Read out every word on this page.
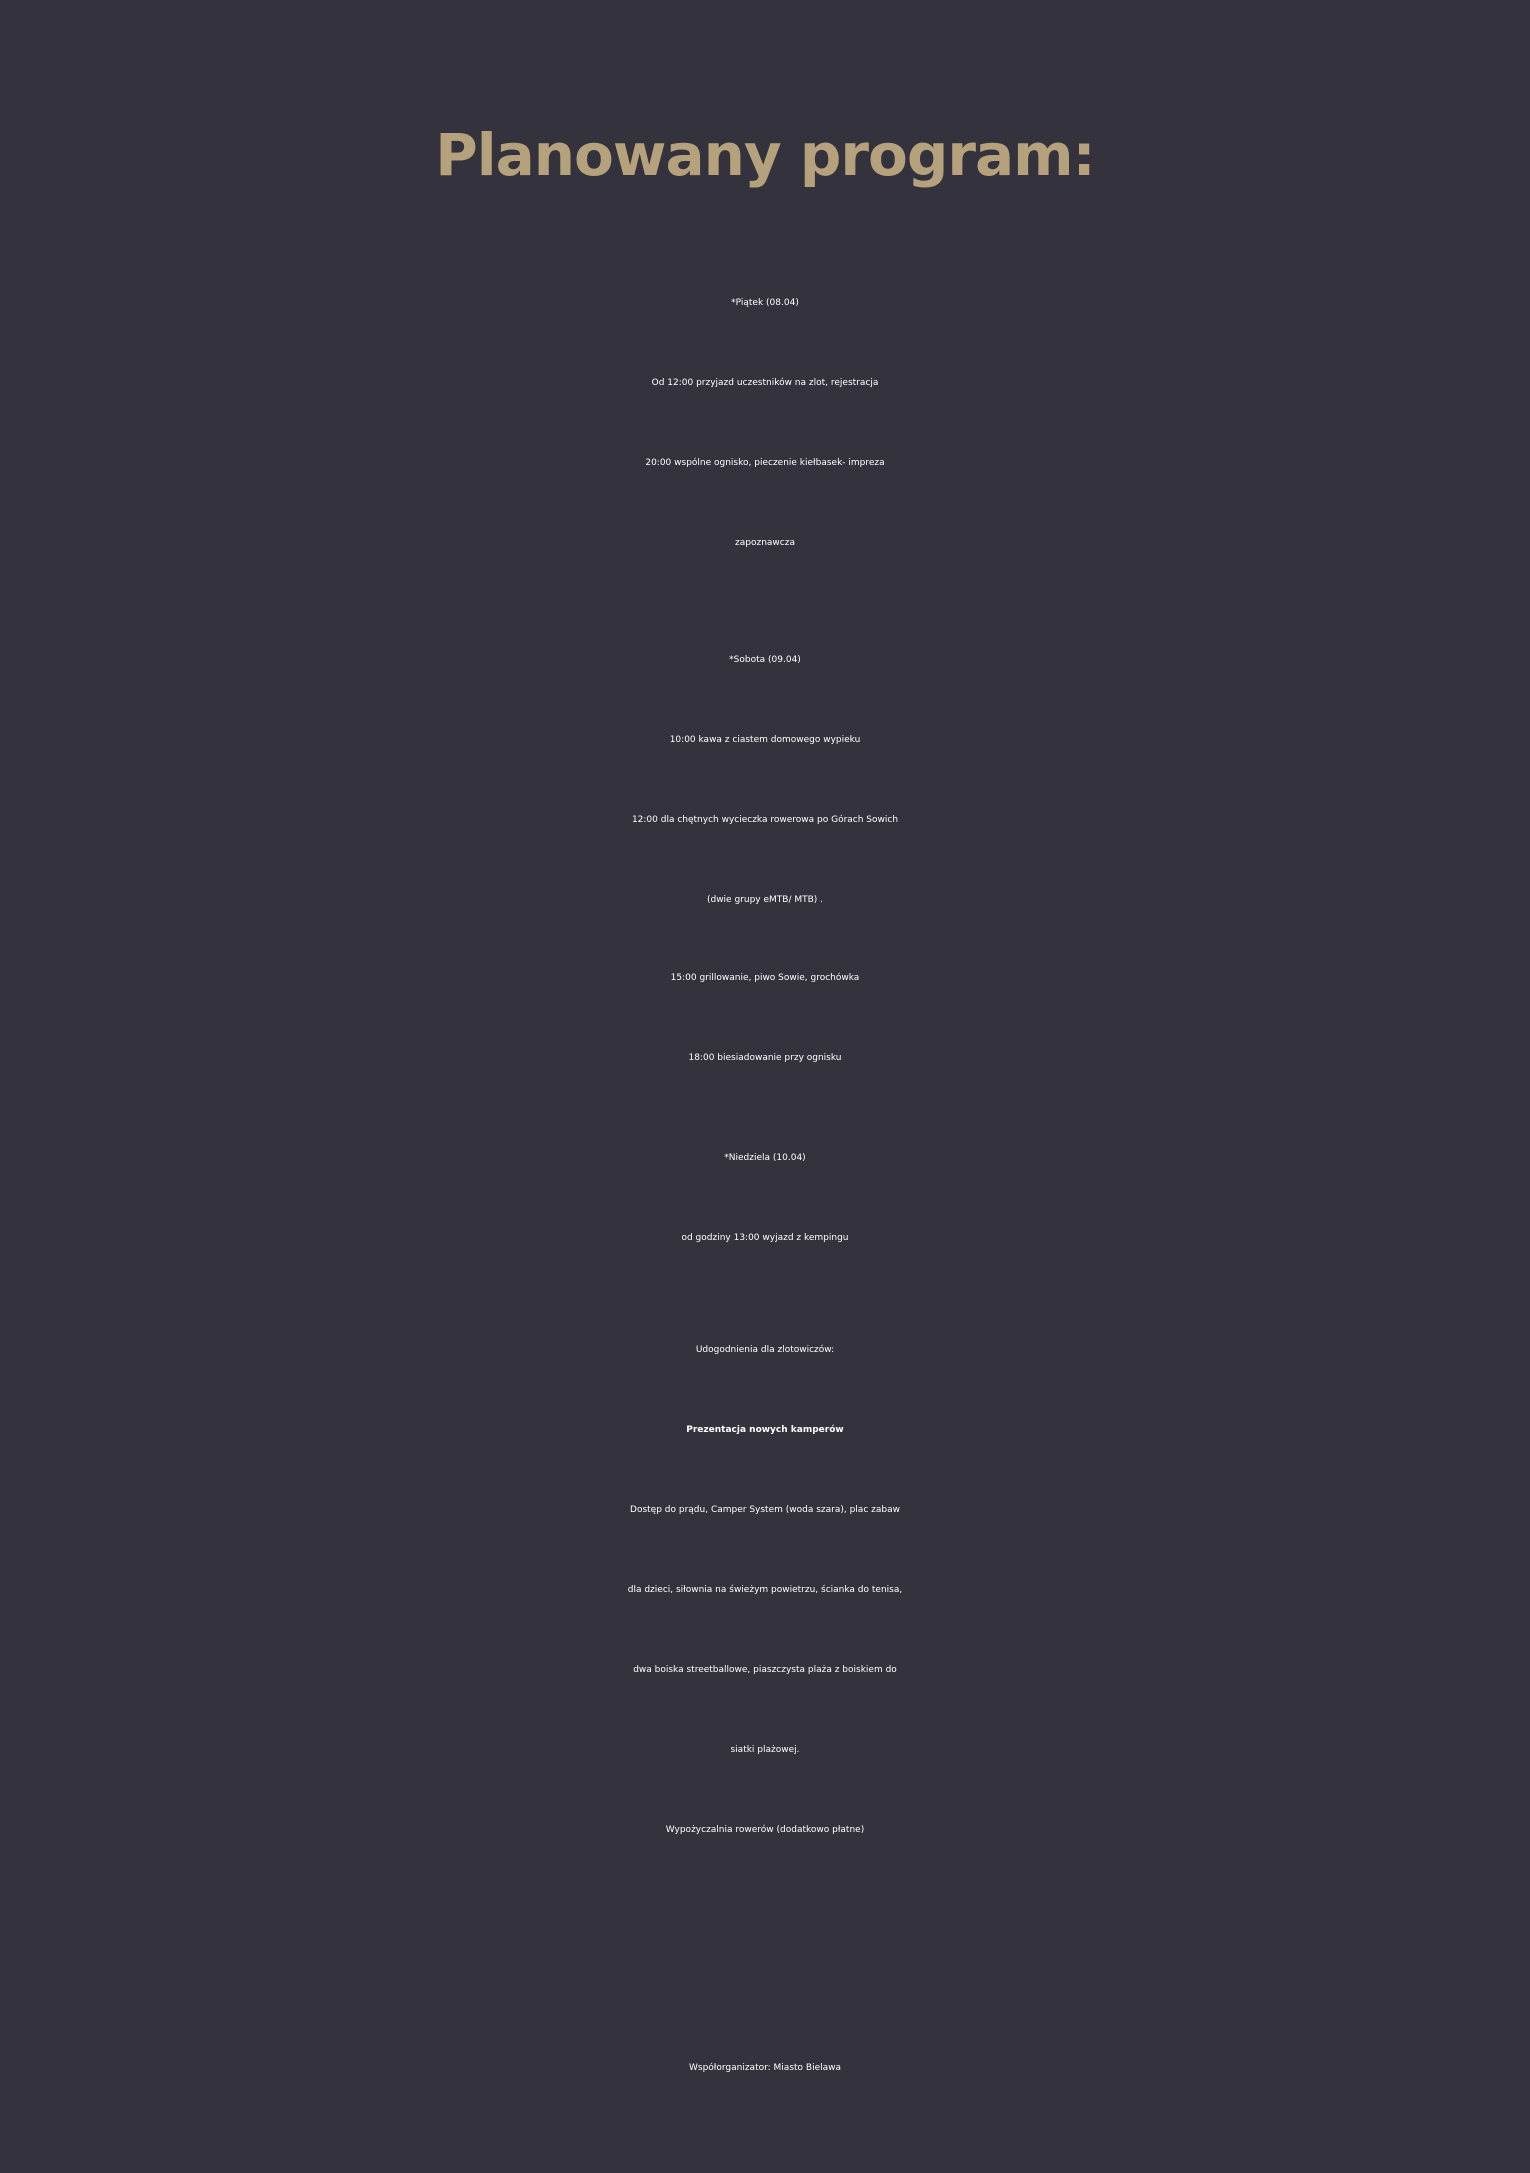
Planowany program:
*Piątek (08.04)
Od 12:00 przyjazd uczestników na zlot, rejestracja
20:00 wspólne ognisko, pieczenie kiełbasek- impreza
zapoznawcza
*Sobota (09.04)
10:00 kawa z ciastem domowego wypieku
12:00 dla chętnych wycieczka rowerowa po Górach Sowich
(dwie grupy eMTB/ MTB) .
15:00 grillowanie, piwo Sowie, grochówka
18:00 biesiadowanie przy ognisku
*Niedziela (10.04)
od godziny 13:00 wyjazd z kempingu
Udogodnienia dla zlotowiczów:
Prezentacja nowych kamperów
Dostęp do prądu, Camper System (woda szara), plac zabaw
dla dzieci, siłownia na świeżym powietrzu, ścianka do tenisa,
dwa boiska streetballowe, piaszczysta plaża z boiskiem do
siatki plażowej.
Wypożyczalnia rowerów (dodatkowo płatne)
Współorganizator: Miasto Bielawa
